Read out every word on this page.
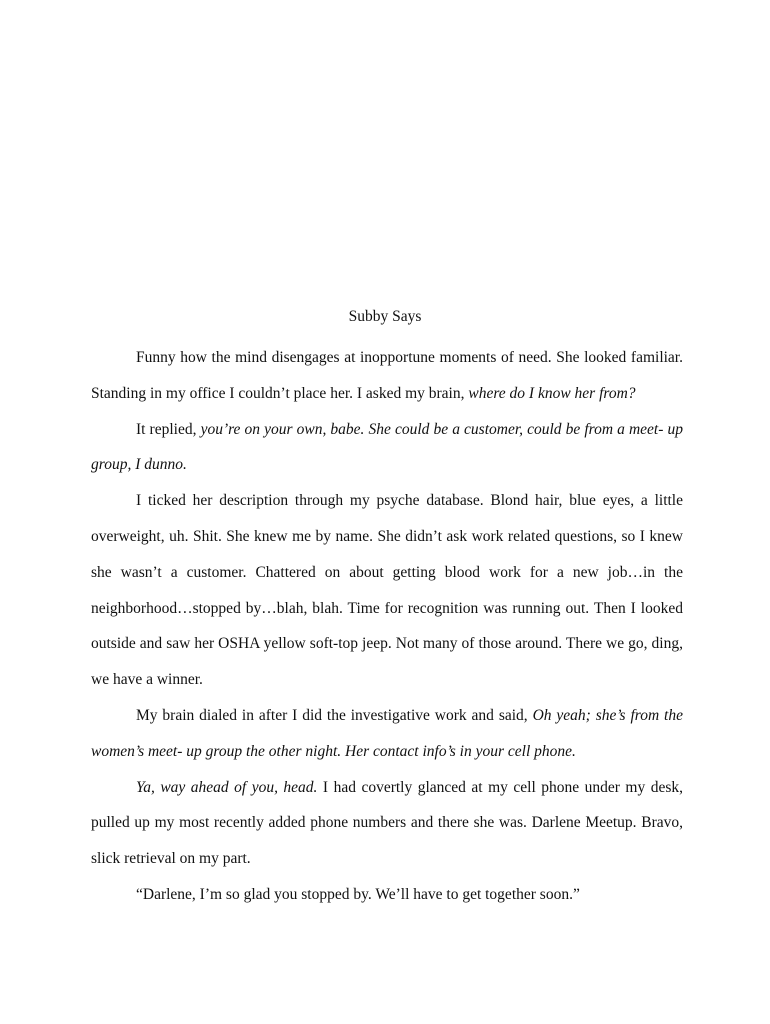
Subby Says

Funny how the mind disengages at inopportune moments of need. She looked familiar. Standing in my office I couldn’t place her. I asked my brain, where do I know her from?

It replied, you’re on your own, babe. She could be a customer, could be from a meet- up group, I dunno.

I ticked her description through my psyche database. Blond hair, blue eyes, a little overweight, uh. Shit. She knew me by name. She didn’t ask work related questions, so I knew she wasn’t a customer. Chattered on about getting blood work for a new job…in the neighborhood…stopped by…blah, blah. Time for recognition was running out. Then I looked outside and saw her OSHA yellow soft-top jeep. Not many of those around. There we go, ding, we have a winner.

My brain dialed in after I did the investigative work and said, Oh yeah; she’s from the women’s meet- up group the other night. Her contact info’s in your cell phone.

Ya, way ahead of you, head. I had covertly glanced at my cell phone under my desk, pulled up my most recently added phone numbers and there she was. Darlene Meetup. Bravo, slick retrieval on my part.

“Darlene, I’m so glad you stopped by. We’ll have to get together soon.”
